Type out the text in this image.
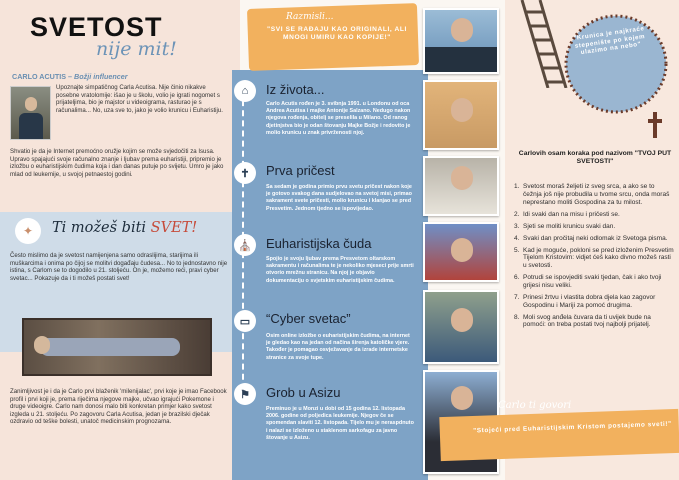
SVETOST
nije mit!
CARLO ACUTIS – Božji influencer
Upoznajte simpatičnog Carla Acutisa. Nije činio nikakve posebne vratolomije: išao je u školu, volio je igrati nogomet s prijateljima, bio je majstor u videoigrama, rasturao je s računalima... No, uza sve to, jako je volio krunicu i Euharistiju.
Shvatio je da je Internet premoćno oružje kojim se može svjedočiti za Isusa. Upravo spajajući svoje računalno znanje i ljubav prema euharistiji, pripremio je izložbu o euharistijskim čudima koja i dan danas putuje po svijetu. Umro je jako mlad od leukemije, u svojoj petnaestoj godini.
✦	Ti možeš biti SVET!
Često mislimo da je svetost namijenjena samo odraslijima, starijima ili muškarcima i onima po čijoj se molitvi događaju čudesa... No to jednostavno nije istina, s Carlom se to dogodilo u 21. stoljeću. On je, možemo reći, pravi cyber svetac... Pokazuje da i ti možeš postati svet!
Zanimljivost je i da je Carlo prvi blaženik 'milenijalac', prvi koje je imao Facebook profil i prvi koji je, prema riječima njegove majke, učvao igrajući Pokemone i druge videoigre. Carlo nam donosi malo biti konkretan primjer kako svetost izgleda u 21. stoljeću. Po zagovoru Carla Acutisa, jedan je brazilski dječak ozdravio od teške bolesti, unatoč medicinskim prognozama.
Razmisli...
"SVI SE RAĐAJU KAO ORIGINALI, ALI MNOGI UMIRU KAO KOPIJE!"
⌂	Iz života...
Carlo Acutis rođen je 3. svibnja 1991. u Londonu od oca Andrea Acutisa i majke Antonije Salzano. Nedugo nakon njegova rođenja, obitelj se preselila u Milano. Od ranog djetinjstva bio je odan štovanju Majke Božje i redovito je molio krunicu u znak privrženosti njoj.
✝	Prva pričest
Sa sedam je godina primio prvu svetu pričest nakon koje je gotovo svakog dana sudjelovao na svetoj misi, primao sakrament svete pričesti, molio krunicu i klanjao se pred Presvetim. Jednom tjedno se ispovijedao.
⛪	Euharistijska čuda
Spojio je svoju ljubav prema Presvetom oltarskom sakramentu i računalima te je nekoliko mjeseci prije smrti otvorio mrežnu stranicu. Na njoj je objavio dokumentaciju o svjetskim euharistijskim čudima.
▭	“Cyber svetac”
Osim online izložbe o euharistijskim čudima, na internet je gledao kao na jedan od načina širenja katoličke vjere. Također je pomagao osvježavanje da izrade internetske stranice za svoje tupe.
⚑	Grob u Asizu
Preminuo je u Monzi u dobi od 15 godina 12. listopada 2006. godine od poljedica leukemije. Njegov če se spomendan slaviti 12. listopada. Tijelo mu je neraspdnuto i nalazi se izloženo u staklenom sarkofagu za javno štovanje u Asizu.
"Krunica je najkraće stepenište po kojem ulazimo na nebo"
Carlovih osam koraka pod nazivom "TVOJ PUT SVETOSTI"
1. Svetost moraš željeti iz sveg srca, a ako se to čežnja još nije probudila u tvome srcu, onda moraš neprestano moliti Gospodina za tu milost.
2. Idi svaki dan na misu i pričesti se.
3. Sjeti se moliti krunicu svaki dan.
4. Svaki dan pročitaj neki odlomak iz Svetoga pisma.
5. Kad je moguće, pokloni se pred izloženim Presvetim Tijelom Kristovim: vidjet ćeš kako divno možeš rasti u svetosti.
6. Potrudi se ispovjediti svaki tjedan, čak i ako tvoji grijesi nisu veliki.
7. Prinesi žrtvu i vlastita dobra djela kao zagovor Gospodinu i Mariji za pomoć drugima.
8. Moli svog anđela čuvara da ti uvijek bude na pomoći: on treba postati tvoj najbolji prijatelj.
Carlo ti govori
"Stojeći pred Euharistijskim Kristom postajemo sveti!"
